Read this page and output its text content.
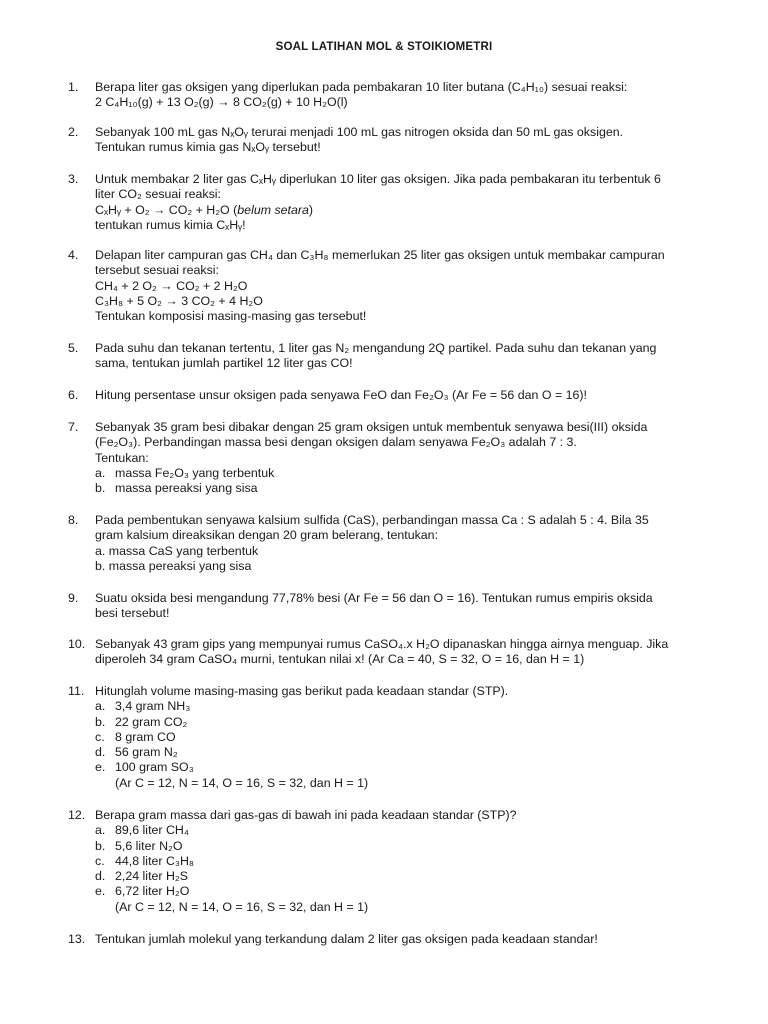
SOAL LATIHAN MOL & STOIKIOMETRI
1. Berapa liter gas oksigen yang diperlukan pada pembakaran 10 liter butana (C₄H₁₀) sesuai reaksi:
2 C₄H₁₀(g) + 13 O₂(g) → 8 CO₂(g) + 10 H₂O(l)
2. Sebanyak 100 mL gas NₓOᵧ terurai menjadi 100 mL gas nitrogen oksida dan 50 mL gas oksigen.
Tentukan rumus kimia gas NₓOᵧ tersebut!
3. Untuk membakar 2 liter gas CₓHᵧ diperlukan 10 liter gas oksigen. Jika pada pembakaran itu terbentuk 6
liter CO₂ sesuai reaksi:
CₓHᵧ + O₂ → CO₂ + H₂O (belum setara)
tentukan rumus kimia CₓHᵧ!
4. Delapan liter campuran gas CH₄ dan C₃H₈ memerlukan 25 liter gas oksigen untuk membakar campuran
tersebut sesuai reaksi:
CH₄ + 2 O₂ → CO₂ + 2 H₂O
C₃H₈ + 5 O₂ → 3 CO₂ + 4 H₂O
Tentukan komposisi masing-masing gas tersebut!
5. Pada suhu dan tekanan tertentu, 1 liter gas N₂ mengandung 2Q partikel. Pada suhu dan tekanan yang
sama, tentukan jumlah partikel 12 liter gas CO!
6. Hitung persentase unsur oksigen pada senyawa FeO dan Fe₂O₃ (Ar Fe = 56 dan O = 16)!
7. Sebanyak 35 gram besi dibakar dengan 25 gram oksigen untuk membentuk senyawa besi(III) oksida
(Fe₂O₃). Perbandingan massa besi dengan oksigen dalam senyawa Fe₂O₃ adalah 7 : 3.
Tentukan:
a. massa Fe₂O₃ yang terbentuk
b. massa pereaksi yang sisa
8. Pada pembentukan senyawa kalsium sulfida (CaS), perbandingan massa Ca : S adalah 5 : 4. Bila 35
gram kalsium direaksikan dengan 20 gram belerang, tentukan:
a. massa CaS yang terbentuk
b. massa pereaksi yang sisa
9. Suatu oksida besi mengandung 77,78% besi (Ar Fe = 56 dan O = 16). Tentukan rumus empiris oksida
besi tersebut!
10. Sebanyak 43 gram gips yang mempunyai rumus CaSO₄.x H₂O dipanaskan hingga airnya menguap. Jika
diperoleh 34 gram CaSO₄ murni, tentukan nilai x! (Ar Ca = 40, S = 32, O = 16, dan H = 1)
11. Hitunglah volume masing-masing gas berikut pada keadaan standar (STP).
a. 3,4 gram NH₃
b. 22 gram CO₂
c. 8 gram CO
d. 56 gram N₂
e. 100 gram SO₃
(Ar C = 12, N = 14, O = 16, S = 32, dan H = 1)
12. Berapa gram massa dari gas-gas di bawah ini pada keadaan standar (STP)?
a. 89,6 liter CH₄
b. 5,6 liter N₂O
c. 44,8 liter C₃H₈
d. 2,24 liter H₂S
e. 6,72 liter H₂O
(Ar C = 12, N = 14, O = 16, S = 32, dan H = 1)
13. Tentukan jumlah molekul yang terkandung dalam 2 liter gas oksigen pada keadaan standar!
